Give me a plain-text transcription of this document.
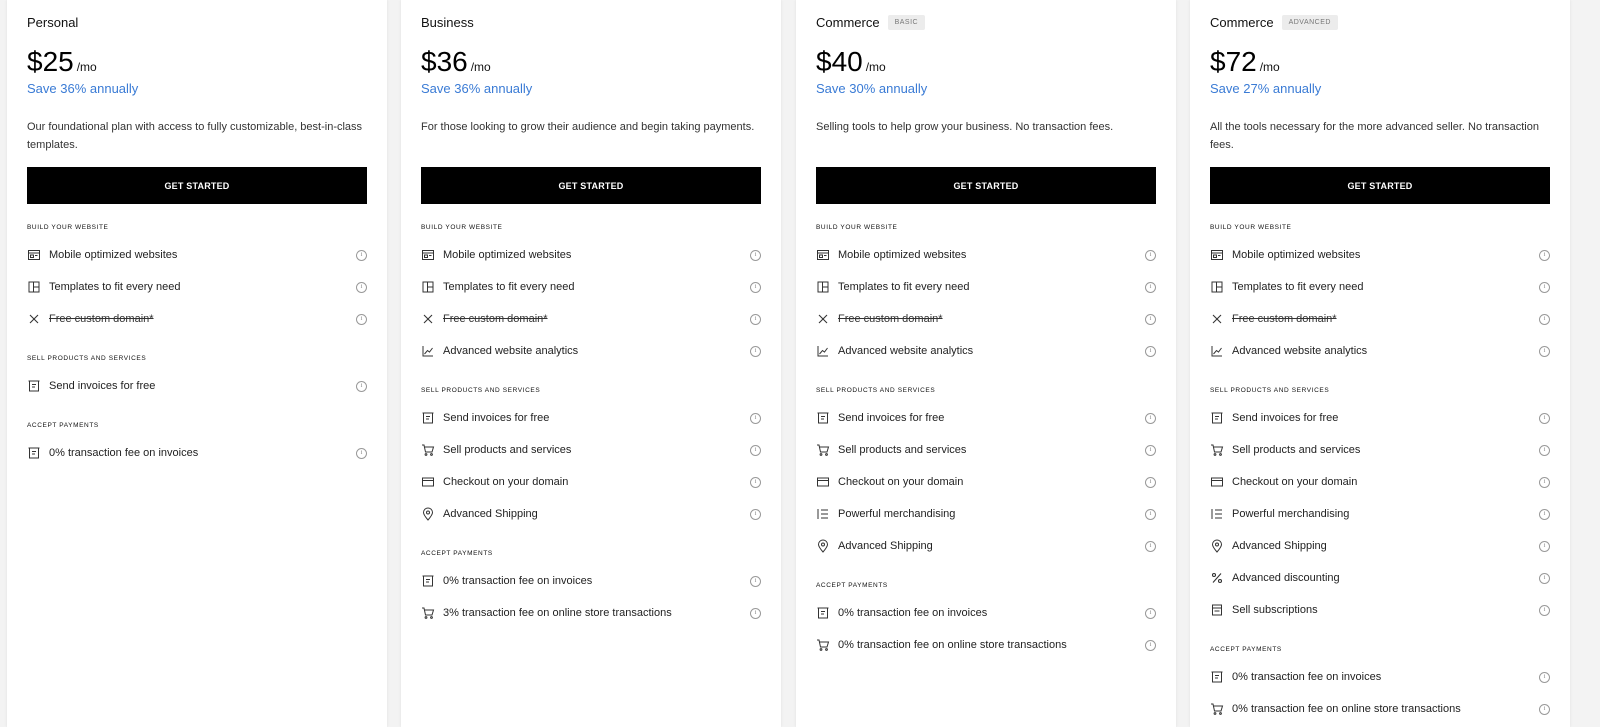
Personal
$25 /mo
Save 36% annually
Our foundational plan with access to fully customizable, best-in-class templates.
GET STARTED
BUILD YOUR WEBSITE
Mobile optimized websites	i
Templates to fit every need	i
Free custom domain*	i
SELL PRODUCTS AND SERVICES
Send invoices for free	i
ACCEPT PAYMENTS
0% transaction fee on invoices	i
Business
$36 /mo
Save 36% annually
For those looking to grow their audience and begin taking payments.
GET STARTED
BUILD YOUR WEBSITE
Mobile optimized websites	i
Templates to fit every need	i
Free custom domain*	i
Advanced website analytics	i
SELL PRODUCTS AND SERVICES
Send invoices for free	i
Sell products and services	i
Checkout on your domain	i
Advanced Shipping	i
ACCEPT PAYMENTS
0% transaction fee on invoices	i
3% transaction fee on online store transactions	i
Commerce	BASIC
$40 /mo
Save 30% annually
Selling tools to help grow your business. No transaction fees.
GET STARTED
BUILD YOUR WEBSITE
Mobile optimized websites	i
Templates to fit every need	i
Free custom domain*	i
Advanced website analytics	i
SELL PRODUCTS AND SERVICES
Send invoices for free	i
Sell products and services	i
Checkout on your domain	i
Powerful merchandising	i
Advanced Shipping	i
ACCEPT PAYMENTS
0% transaction fee on invoices	i
0% transaction fee on online store transactions	i
Commerce	ADVANCED
$72 /mo
Save 27% annually
All the tools necessary for the more advanced seller. No transaction fees.
GET STARTED
BUILD YOUR WEBSITE
Mobile optimized websites	i
Templates to fit every need	i
Free custom domain*	i
Advanced website analytics	i
SELL PRODUCTS AND SERVICES
Send invoices for free	i
Sell products and services	i
Checkout on your domain	i
Powerful merchandising	i
Advanced Shipping	i
Advanced discounting	i
Sell subscriptions	i
ACCEPT PAYMENTS
0% transaction fee on invoices	i
0% transaction fee on online store transactions	i
